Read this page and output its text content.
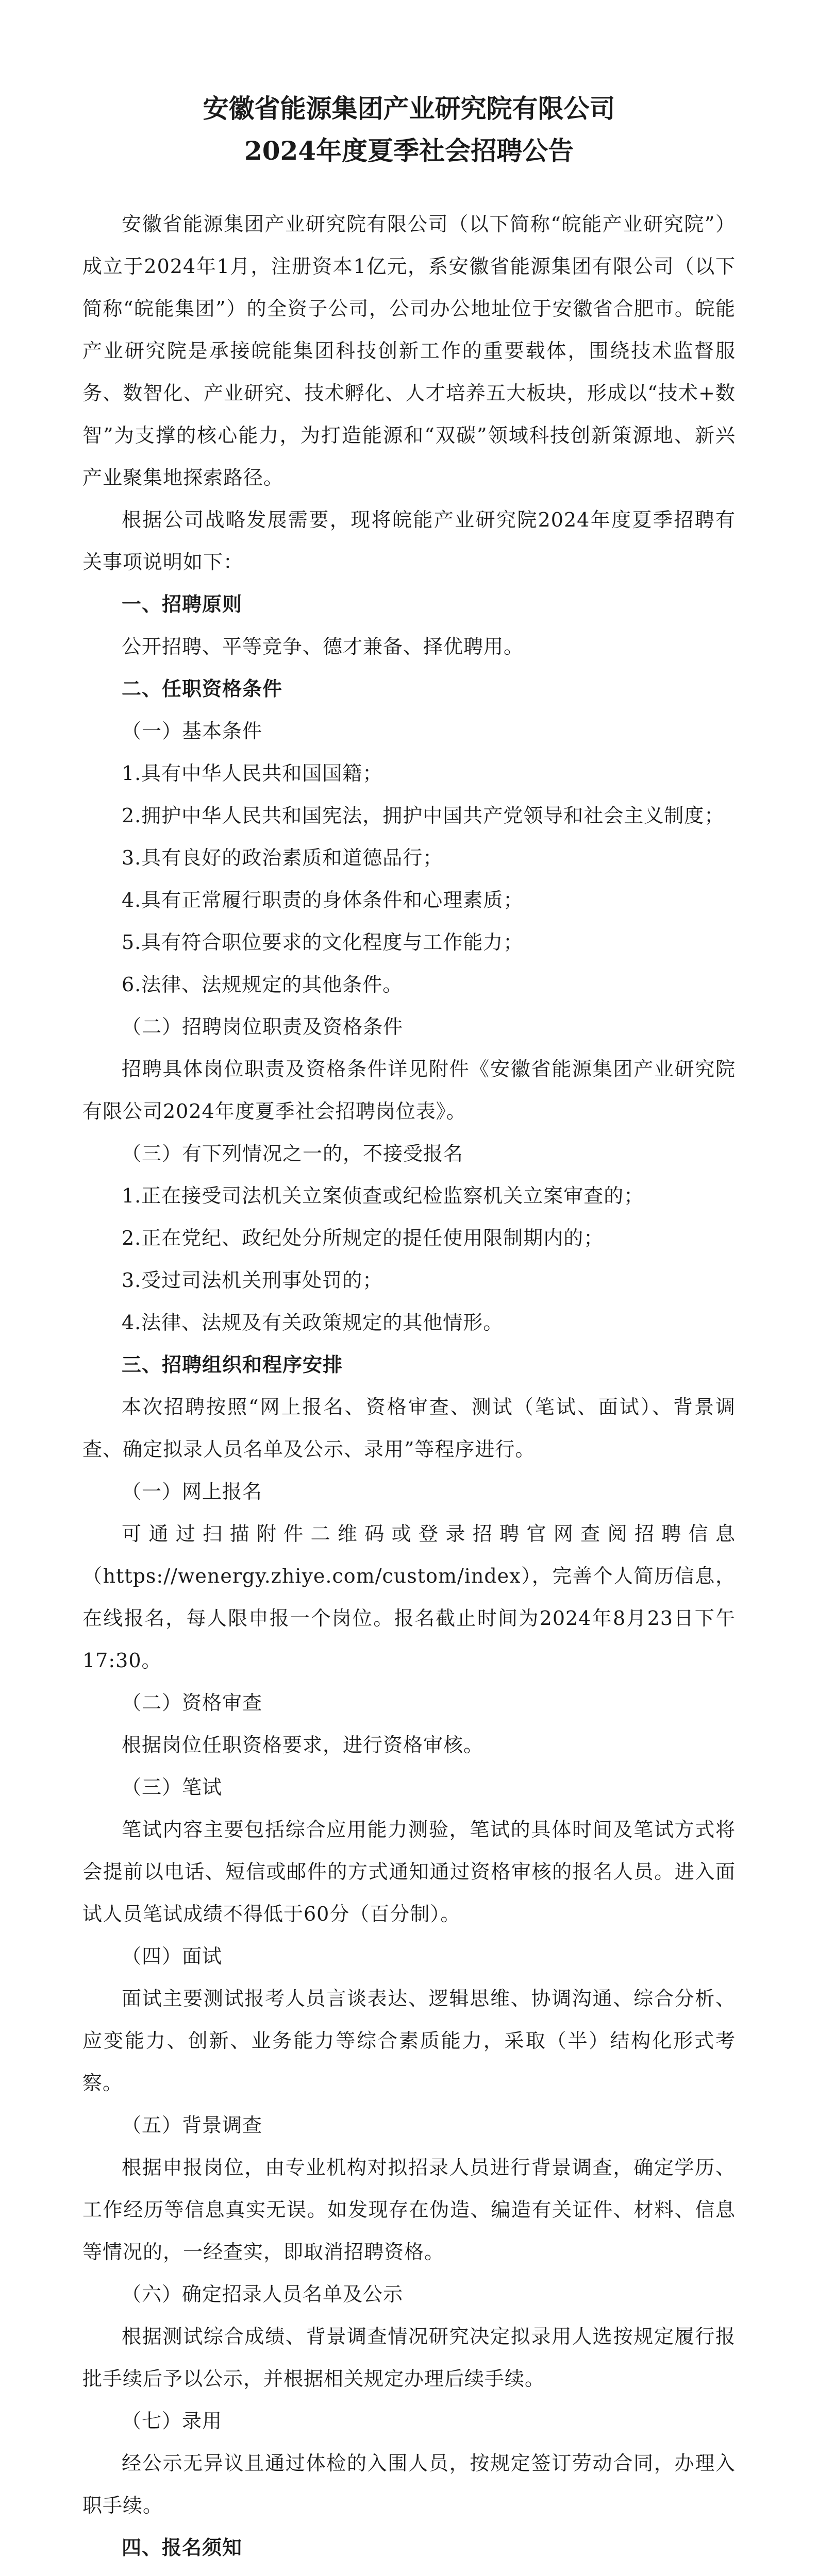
安徽省能源集团产业研究院有限公司
2024年度夏季社会招聘公告

安徽省能源集团产业研究院有限公司（以下简称“皖能产业研究院”）成立于2024年1月，注册资本1亿元，系安徽省能源集团有限公司（以下简称“皖能集团”）的全资子公司，公司办公地址位于安徽省合肥市。皖能产业研究院是承接皖能集团科技创新工作的重要载体，围绕技术监督服务、数智化、产业研究、技术孵化、人才培养五大板块，形成以“技术+数智”为支撑的核心能力，为打造能源和“双碳”领域科技创新策源地、新兴产业聚集地探索路径。

根据公司战略发展需要，现将皖能产业研究院2024年度夏季招聘有关事项说明如下：

一、招聘原则

公开招聘、平等竞争、德才兼备、择优聘用。

二、任职资格条件

（一）基本条件

1.具有中华人民共和国国籍；

2.拥护中华人民共和国宪法，拥护中国共产党领导和社会主义制度；

3.具有良好的政治素质和道德品行；

4.具有正常履行职责的身体条件和心理素质；

5.具有符合职位要求的文化程度与工作能力；

6.法律、法规规定的其他条件。

（二）招聘岗位职责及资格条件

招聘具体岗位职责及资格条件详见附件《安徽省能源集团产业研究院有限公司2024年度夏季社会招聘岗位表》。

（三）有下列情况之一的，不接受报名

1.正在接受司法机关立案侦查或纪检监察机关立案审查的；

2.正在党纪、政纪处分所规定的提任使用限制期内的；

3.受过司法机关刑事处罚的；

4.法律、法规及有关政策规定的其他情形。

三、招聘组织和程序安排

本次招聘按照“网上报名、资格审查、测试（笔试、面试）、背景调查、确定拟录人员名单及公示、录用”等程序进行。

（一）网上报名

可通过扫描附件二维码或登录招聘官网查阅招聘信息（https://wenergy.zhiye.com/custom/index），完善个人简历信息，在线报名，每人限申报一个岗位。报名截止时间为2024年8月23日下午17:30。

（二）资格审查

根据岗位任职资格要求，进行资格审核。

（三）笔试

笔试内容主要包括综合应用能力测验，笔试的具体时间及笔试方式将会提前以电话、短信或邮件的方式通知通过资格审核的报名人员。进入面试人员笔试成绩不得低于60分（百分制）。

（四）面试

面试主要测试报考人员言谈表达、逻辑思维、协调沟通、综合分析、应变能力、创新、业务能力等综合素质能力，采取（半）结构化形式考察。

（五）背景调查

根据申报岗位，由专业机构对拟招录人员进行背景调查，确定学历、工作经历等信息真实无误。如发现存在伪造、编造有关证件、材料、信息等情况的，一经查实，即取消招聘资格。

（六）确定招录人员名单及公示

根据测试综合成绩、背景调查情况研究决定拟录用人选按规定履行报批手续后予以公示，并根据相关规定办理后续手续。

（七）录用

经公示无异议且通过体检的入围人员，按规定签订劳动合同，办理入职手续。

四、报名须知
